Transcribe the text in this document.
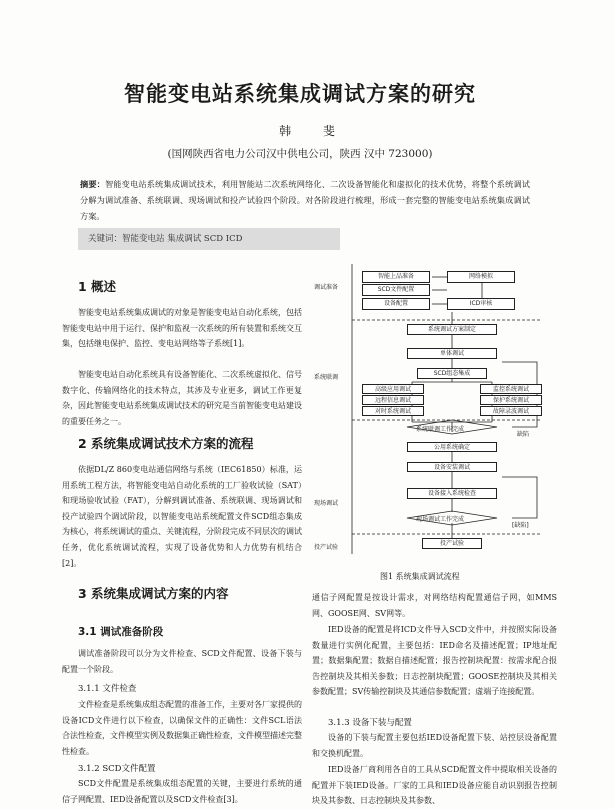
智能变电站系统集成调试方案的研究
韩 斐
(国网陕西省电力公司汉中供电公司，陕西 汉中 723000)
摘要：智能变电站系统集成调试技术，利用智能站二次系统网络化、二次设备智能化和虚拟化的技术优势，将整个系统调试分解为调试准备、系统联调、现场调试和投产试验四个阶段。对各阶段进行梳理，形成一套完整的智能变电站系统集成调试方案。
关键词：智能变电站 集成调试 SCD ICD
1 概述
智能变电站系统集成调试的对象是智能变电站自动化系统，包括智能变电站中用于运行、保护和监视一次系统的所有装置和系统交互集，包括继电保护、监控、变电站网络等子系统[1]。
智能变电站自动化系统具有设备智能化、二次系统虚拟化、信号数字化、传输网络化的技术特点，其涉及专业更多，调试工作更复杂，因此智能变电站系统集成调试技术的研究是当前智能变电站建设的重要任务之一。
2 系统集成调试技术方案的流程
依据DL/Z 860变电站通信网络与系统（IEC61850）标准，运用系统工程方法，将智能变电站自动化系统的工厂验收试验（SAT）和现场验收试验（FAT），分解到调试准备、系统联调、现场调试和投产试验四个调试阶段，以智能变电站系统配置文件SCD组态集成为核心，将系统调试的重点、关键流程，分阶段完成不同层次的调试任务，优化系统调试流程，实现了设备优势和人力优势有机结合[2]。
3 系统集成调试方案的内容
3.1 调试准备阶段
调试准备阶段可以分为文件检查、SCD文件配置、设备下装与配置一个阶段。
3.1.1 文件检查
文件检查是系统集成组态配置的准备工作，主要对各厂家提供的设备ICD文件进行以下检查，以确保文件的正确性：文件SCL语法合法性检查，文件模型实例及数据集正确性检查，文件模型描述完整性检查。
3.1.2 SCD文件配置
SCD文件配置是系统集成组态配置的关键，主要进行系统的通信子网配置、IED设备配置以及SCD文件检查[3]。
调试准备
系统联调
现场调试
投产试验
智能上品准备
SCD文件配置
设备配置
网络模拟
ICD审核
系统调试方案制定
单体调试
SCD组态集成
高级应用调试	监控系统调试
远程信息调试	保护系统调试
对时系统调试	故障录波调试
系统联调工作完成
缺陷
公用系统确定
设备安装调试
设备接入系统检查
现场调试工作完成
[缺陷]
投产试验
图1 系统集成调试流程
通信子网配置是按设计需求，对网络结构配置通信子网，如MMS网、GOOSE网、SV网等。
IED设备的配置是将ICD文件导入SCD文件中，并按照实际设备数量进行实例化配置，主要包括：IED命名及描述配置；IP地址配置；数据集配置；数据自描述配置；报告控制块配置：按需求配合报告控制块及其相关参数；日志控制块配置；GOOSE控制块及其相关参数配置；SV传输控制块及其通信参数配置；虚端子连接配置。
3.1.3 设备下装与配置
设备的下装与配置主要包括IED设备配置下装、站控层设备配置和交换机配置。
IED设备厂商利用各自的工具从SCD配置文件中提取相关设备的配置并下装IED设备。厂家的工具和IED设备应能自动识别报告控制块及其参数、日志控制块及其参数、
